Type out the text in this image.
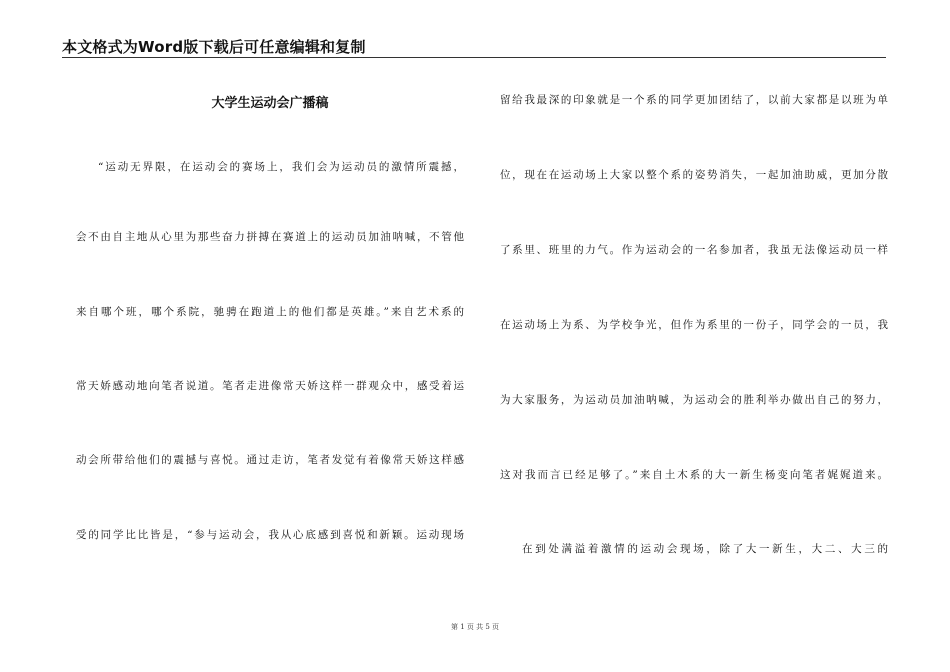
本文格式为Word版下载后可任意编辑和复制
大学生运动会广播稿
“运动无界限，在运动会的赛场上，我们会为运动员的激情所震撼，
会不由自主地从心里为那些奋力拼搏在赛道上的运动员加油呐喊，不管他
来自哪个班，哪个系院，驰骋在跑道上的他们都是英雄。”来自艺术系的
常天娇感动地向笔者说道。笔者走进像常天娇这样一群观众中，感受着运
动会所带给他们的震撼与喜悦。通过走访，笔者发觉有着像常天娇这样感
受的同学比比皆是，“参与运动会，我从心底感到喜悦和新颖。运动现场
留给我最深的印象就是一个系的同学更加团结了，以前大家都是以班为单
位，现在在运动场上大家以整个系的姿势消失，一起加油助威，更加分散
了系里、班里的力气。作为运动会的一名参加者，我虽无法像运动员一样
在运动场上为系、为学校争光，但作为系里的一份子，同学会的一员，我
为大家服务，为运动员加油呐喊，为运动会的胜利举办做出自己的努力，
这对我而言已经足够了。”来自土木系的大一新生杨变向笔者娓娓道来。
在到处满溢着激情的运动会现场，除了大一新生，大二、大三的
第 1 页 共 5 页
